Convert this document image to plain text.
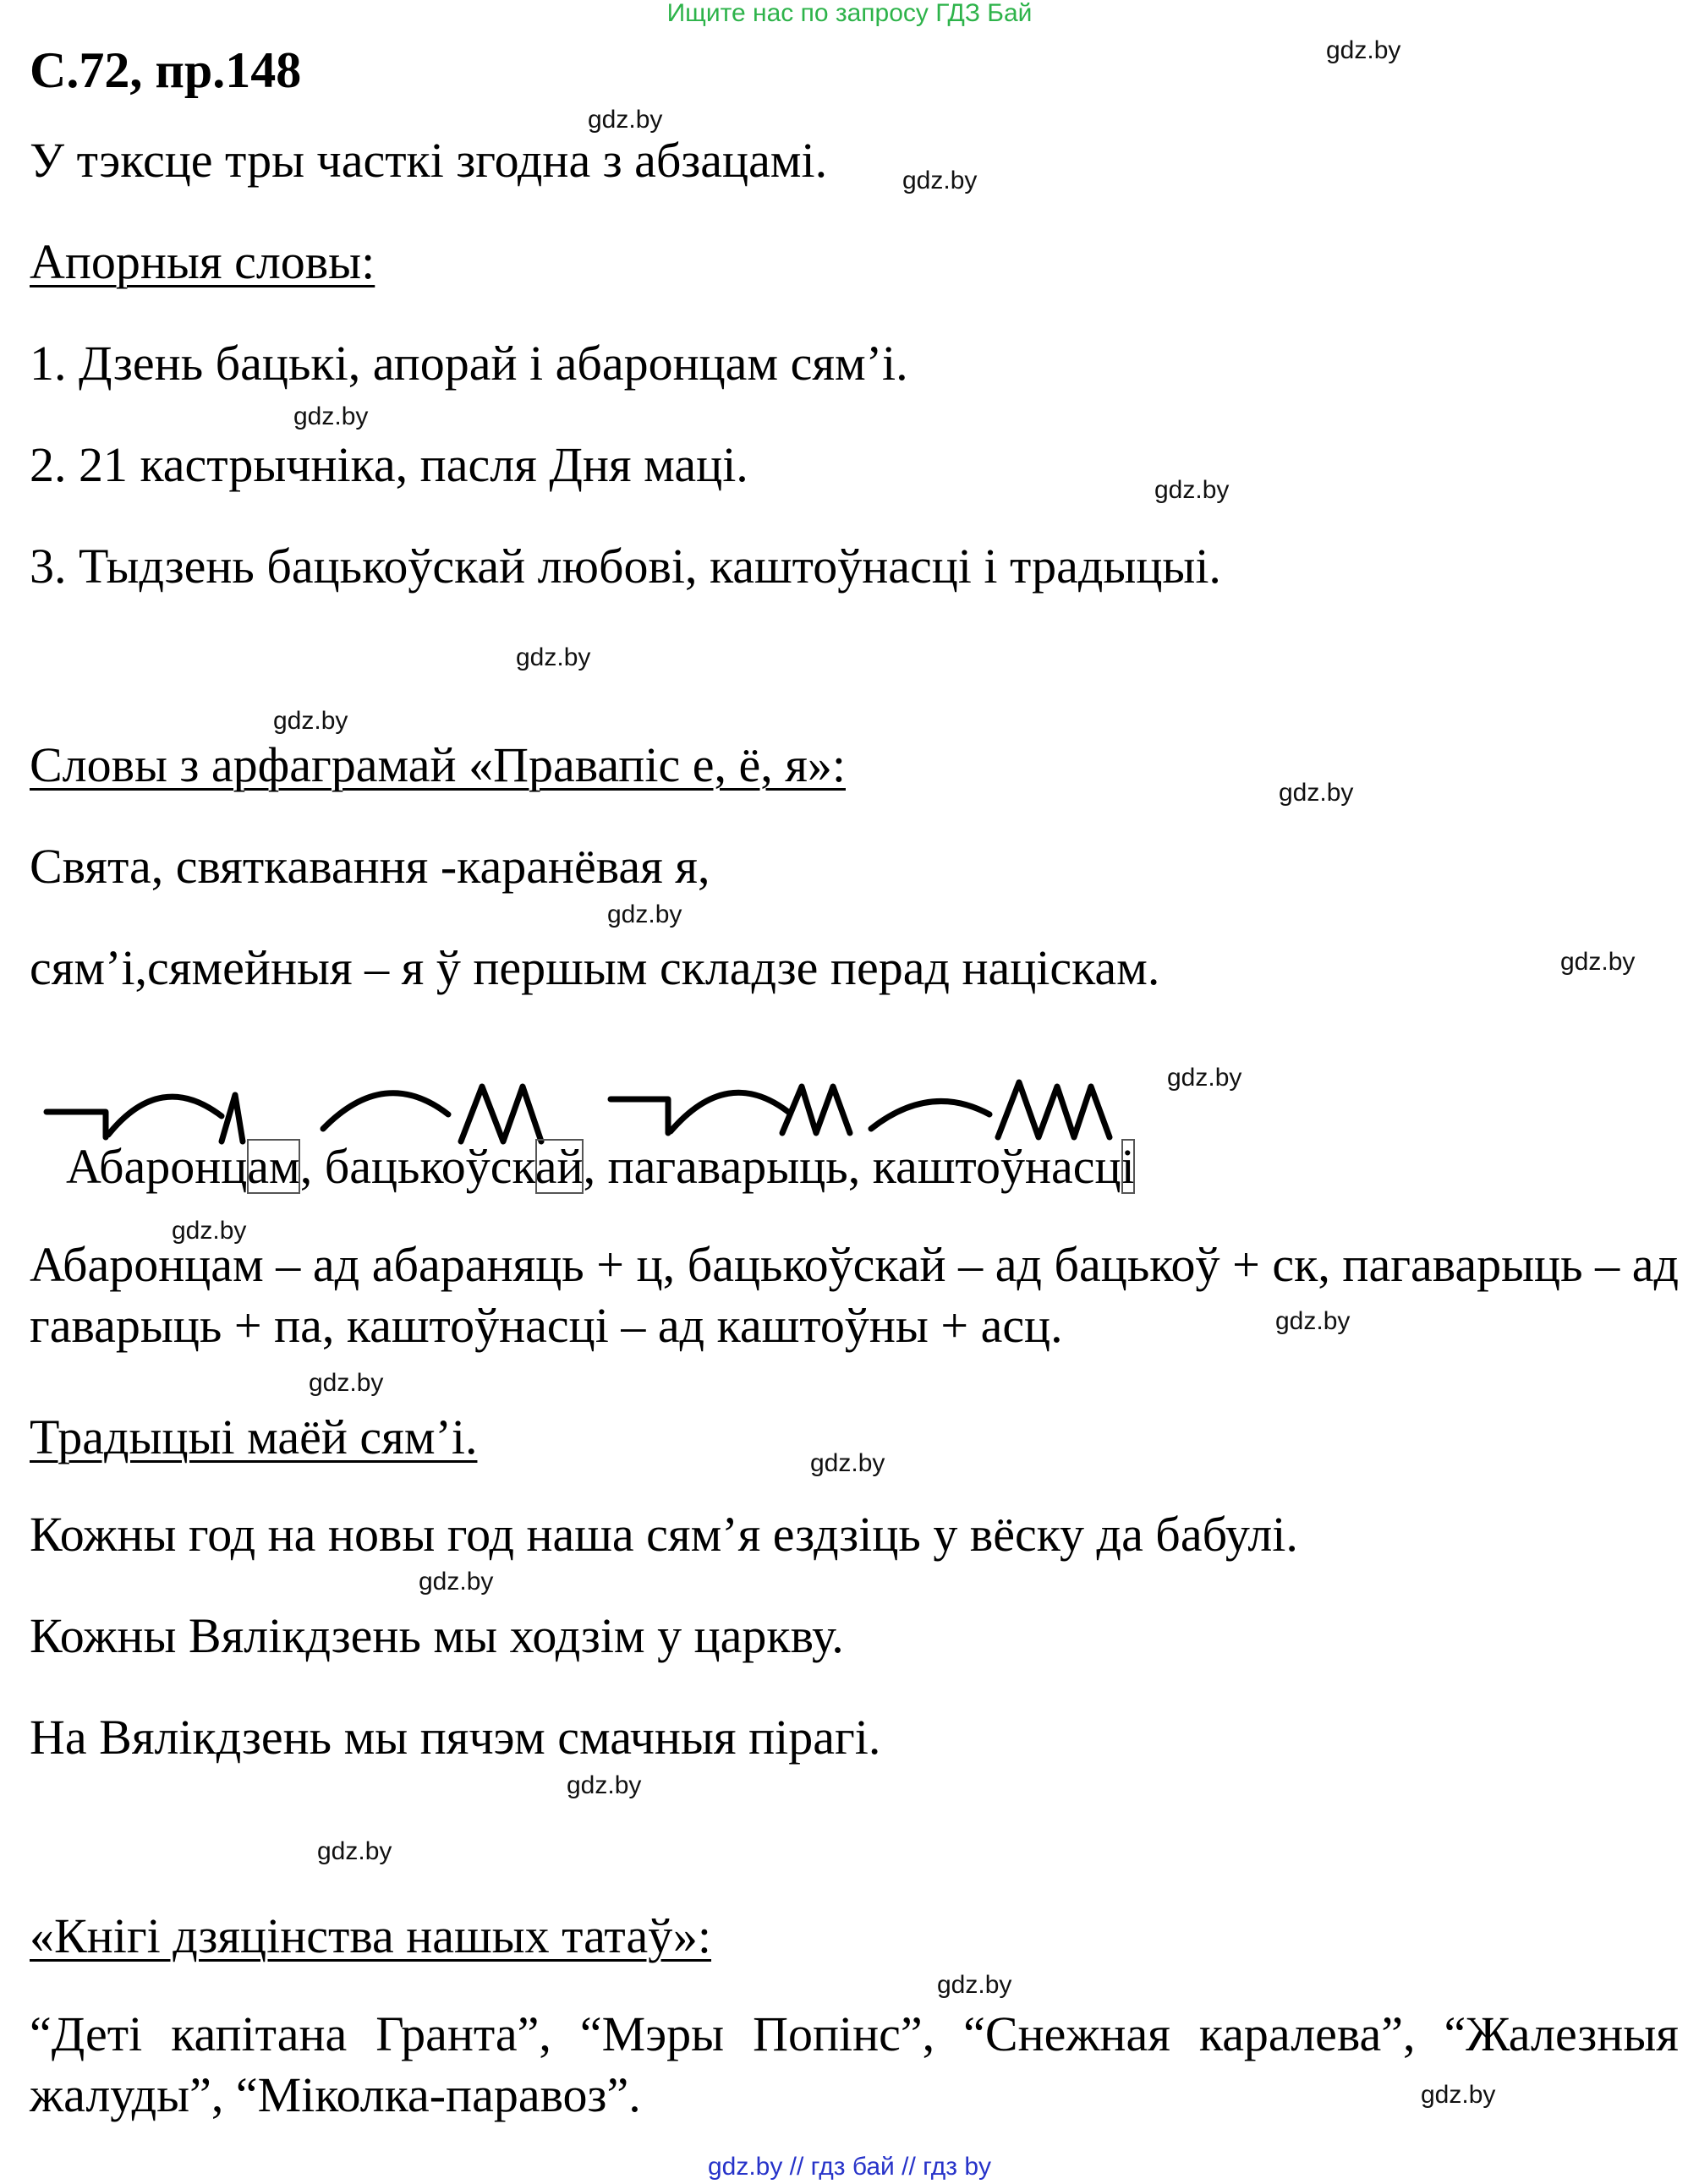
Ищите нас по запросу ГДЗ Бай
С.72, пр.148
У тэксце тры часткі згодна з абзацамі.
Апорныя словы:
1. Дзень бацькі, апорай і абаронцам сям’і.
2. 21 кастрычніка, пасля Дня маці.
3. Тыдзень бацькоўскай любові, каштоўнасці і традыцыі.
Словы з арфаграмай «Правапіс е, ё, я»:
Свята, святкавання -каранёвая я,
сям’і,сямейныя – я ў першым складзе перад націскам.
Абаронцам, бацькоўскай, пагаварыць, каштоўнасці
Абаронцам – ад абараняць + ц, бацькоўскай – ад бацькоў + ск, пагаварыць – ад гаварыць + па, каштоўнасці – ад каштоўны + асц.
Традыцыі маёй сям’і.
Кожны год на новы год наша сям’я ездзіць у вёску да бабулі.
Кожны Вялікдзень мы ходзім у царкву.
На Вялікдзень мы пячэм смачныя пірагі.
«Кнігі дзяцінства нашых татаў»:
“Деті капітана Гранта”, “Мэры Попінс”, “Снежная каралева”, “Жалезныя жалуды”, “Міколка-паравоз”.
gdz.by
gdz.by
gdz.by
gdz.by
gdz.by
gdz.by
gdz.by
gdz.by
gdz.by
gdz.by
gdz.by
gdz.by
gdz.by
gdz.by
gdz.by
gdz.by
gdz.by
gdz.by
gdz.by
gdz.by
gdz.by // гдз бай // гдз by
